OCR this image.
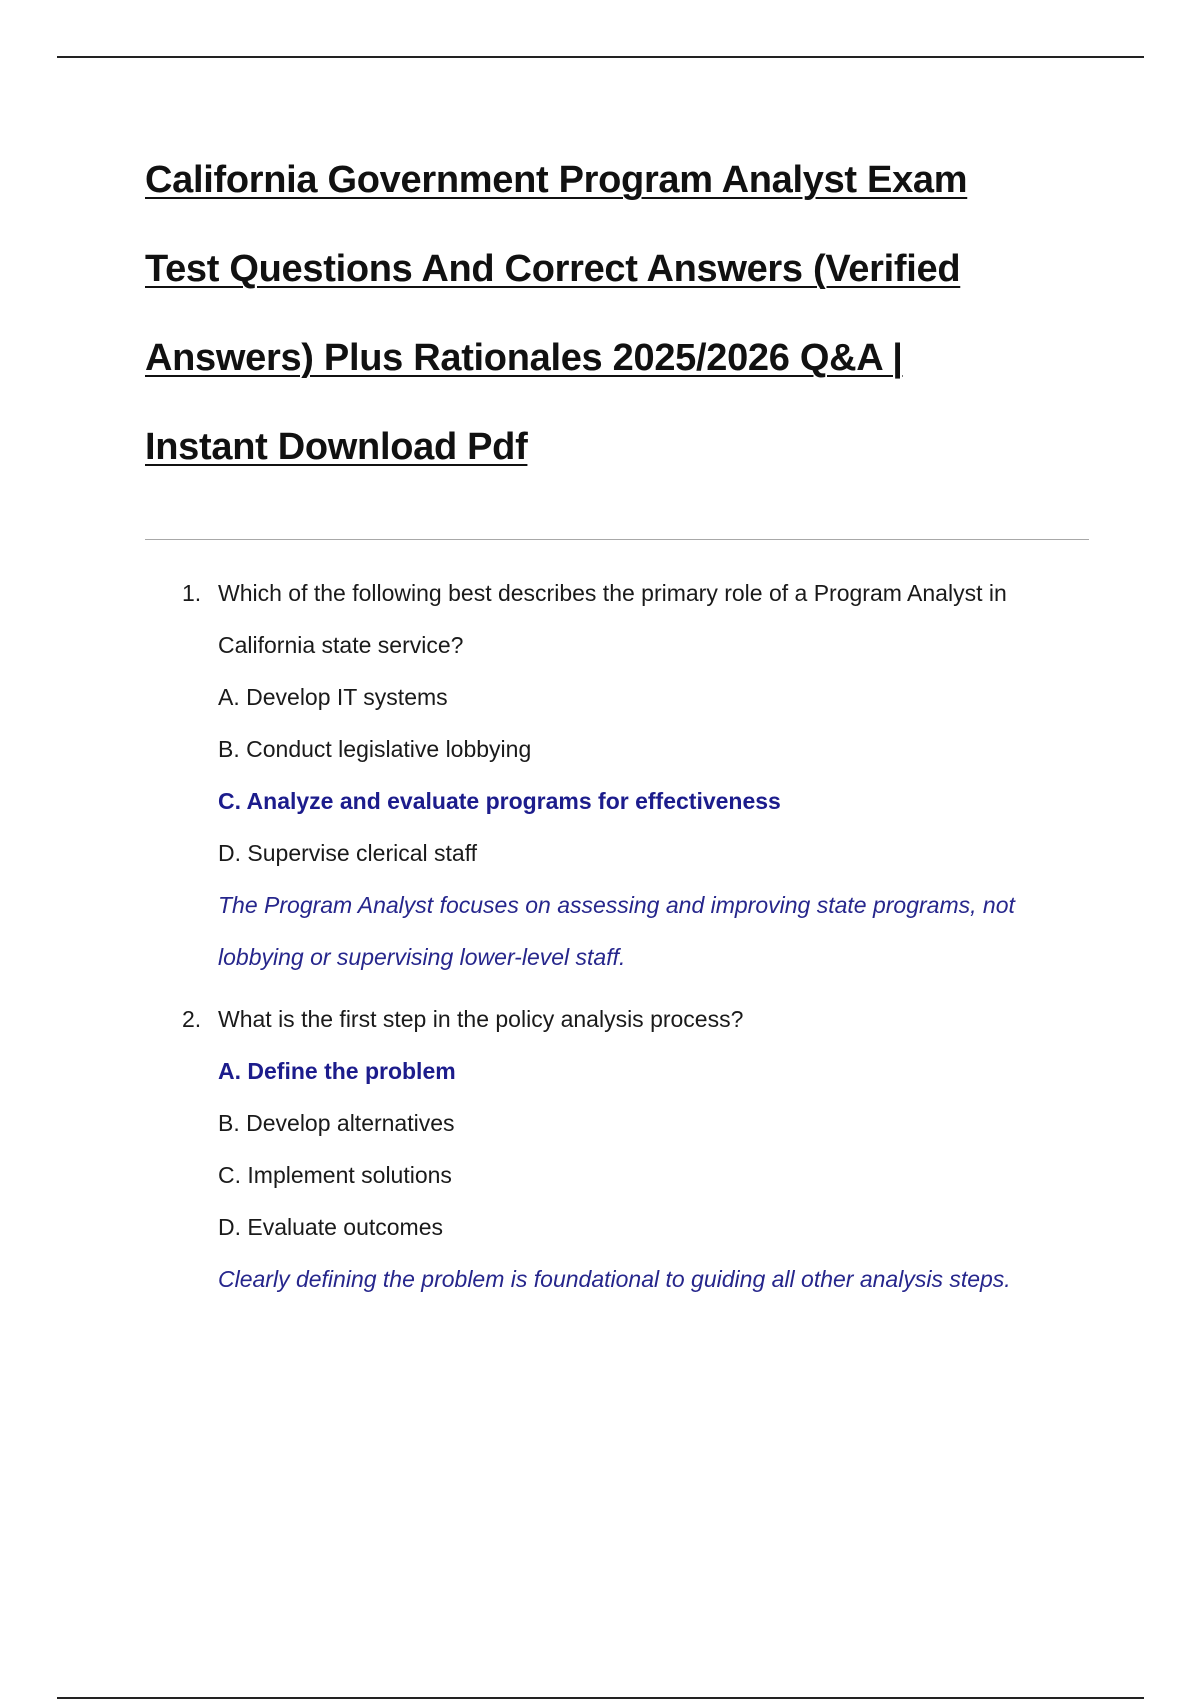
California Government Program Analyst Exam
Test Questions And Correct Answers (Verified
Answers) Plus Rationales 2025/2026 Q&A |
Instant Download Pdf
1. Which of the following best describes the primary role of a Program Analyst in California state service?
A. Develop IT systems
B. Conduct legislative lobbying
C. Analyze and evaluate programs for effectiveness
D. Supervise clerical staff
The Program Analyst focuses on assessing and improving state programs, not lobbying or supervising lower-level staff.
2. What is the first step in the policy analysis process?
A. Define the problem
B. Develop alternatives
C. Implement solutions
D. Evaluate outcomes
Clearly defining the problem is foundational to guiding all other analysis steps.
